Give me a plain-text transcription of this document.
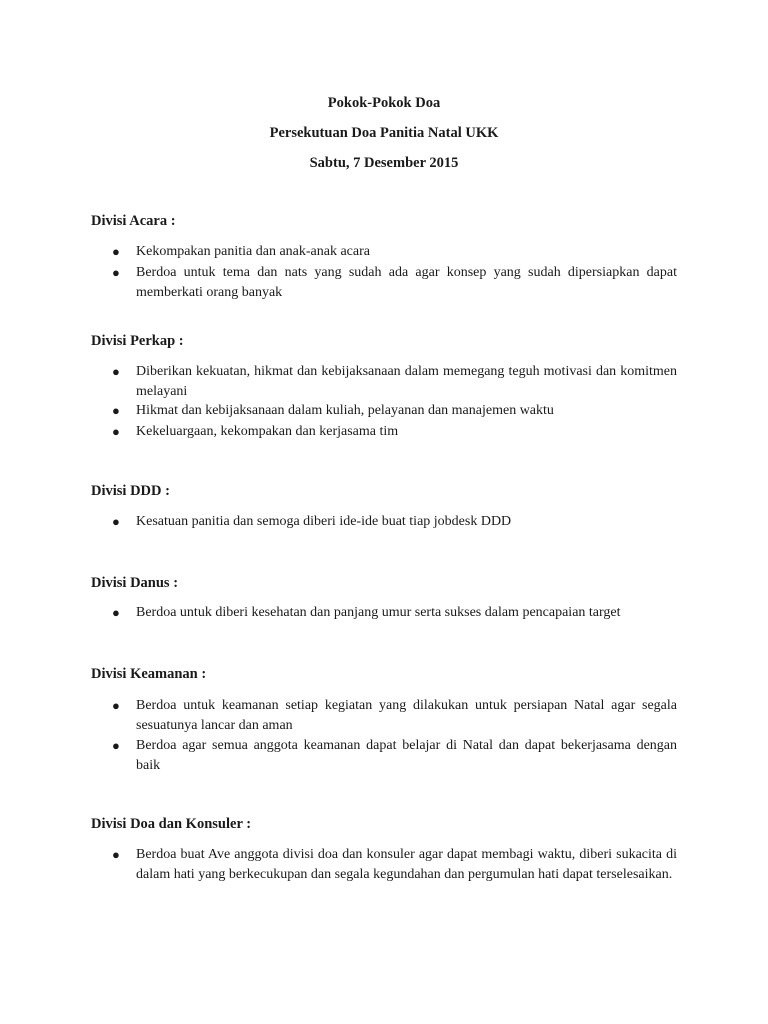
Pokok-Pokok Doa
Persekutuan Doa Panitia Natal UKK
Sabtu, 7 Desember 2015
Divisi Acara :
●	Kekompakan panitia dan anak-anak acara
●	Berdoa untuk tema dan nats yang sudah ada agar konsep yang sudah dipersiapkan dapat memberkati orang banyak
Divisi Perkap :
●	Diberikan kekuatan, hikmat dan kebijaksanaan dalam memegang teguh motivasi dan komitmen melayani
●	Hikmat dan kebijaksanaan dalam kuliah, pelayanan dan manajemen waktu
●	Kekeluargaan, kekompakan dan kerjasama tim
Divisi DDD :
●	Kesatuan panitia dan semoga diberi ide-ide buat tiap jobdesk DDD
Divisi Danus :
●	Berdoa untuk diberi kesehatan dan panjang umur serta sukses dalam pencapaian target
Divisi Keamanan :
●	Berdoa untuk keamanan setiap kegiatan yang dilakukan untuk persiapan Natal agar segala sesuatunya lancar dan aman
●	Berdoa agar semua anggota keamanan dapat belajar di Natal dan dapat bekerjasama dengan baik
Divisi Doa dan Konsuler :
●	Berdoa buat Ave anggota divisi doa dan konsuler agar dapat membagi waktu, diberi sukacita di dalam hati yang berkecukupan dan segala kegundahan dan pergumulan hati dapat terselesaikan.
